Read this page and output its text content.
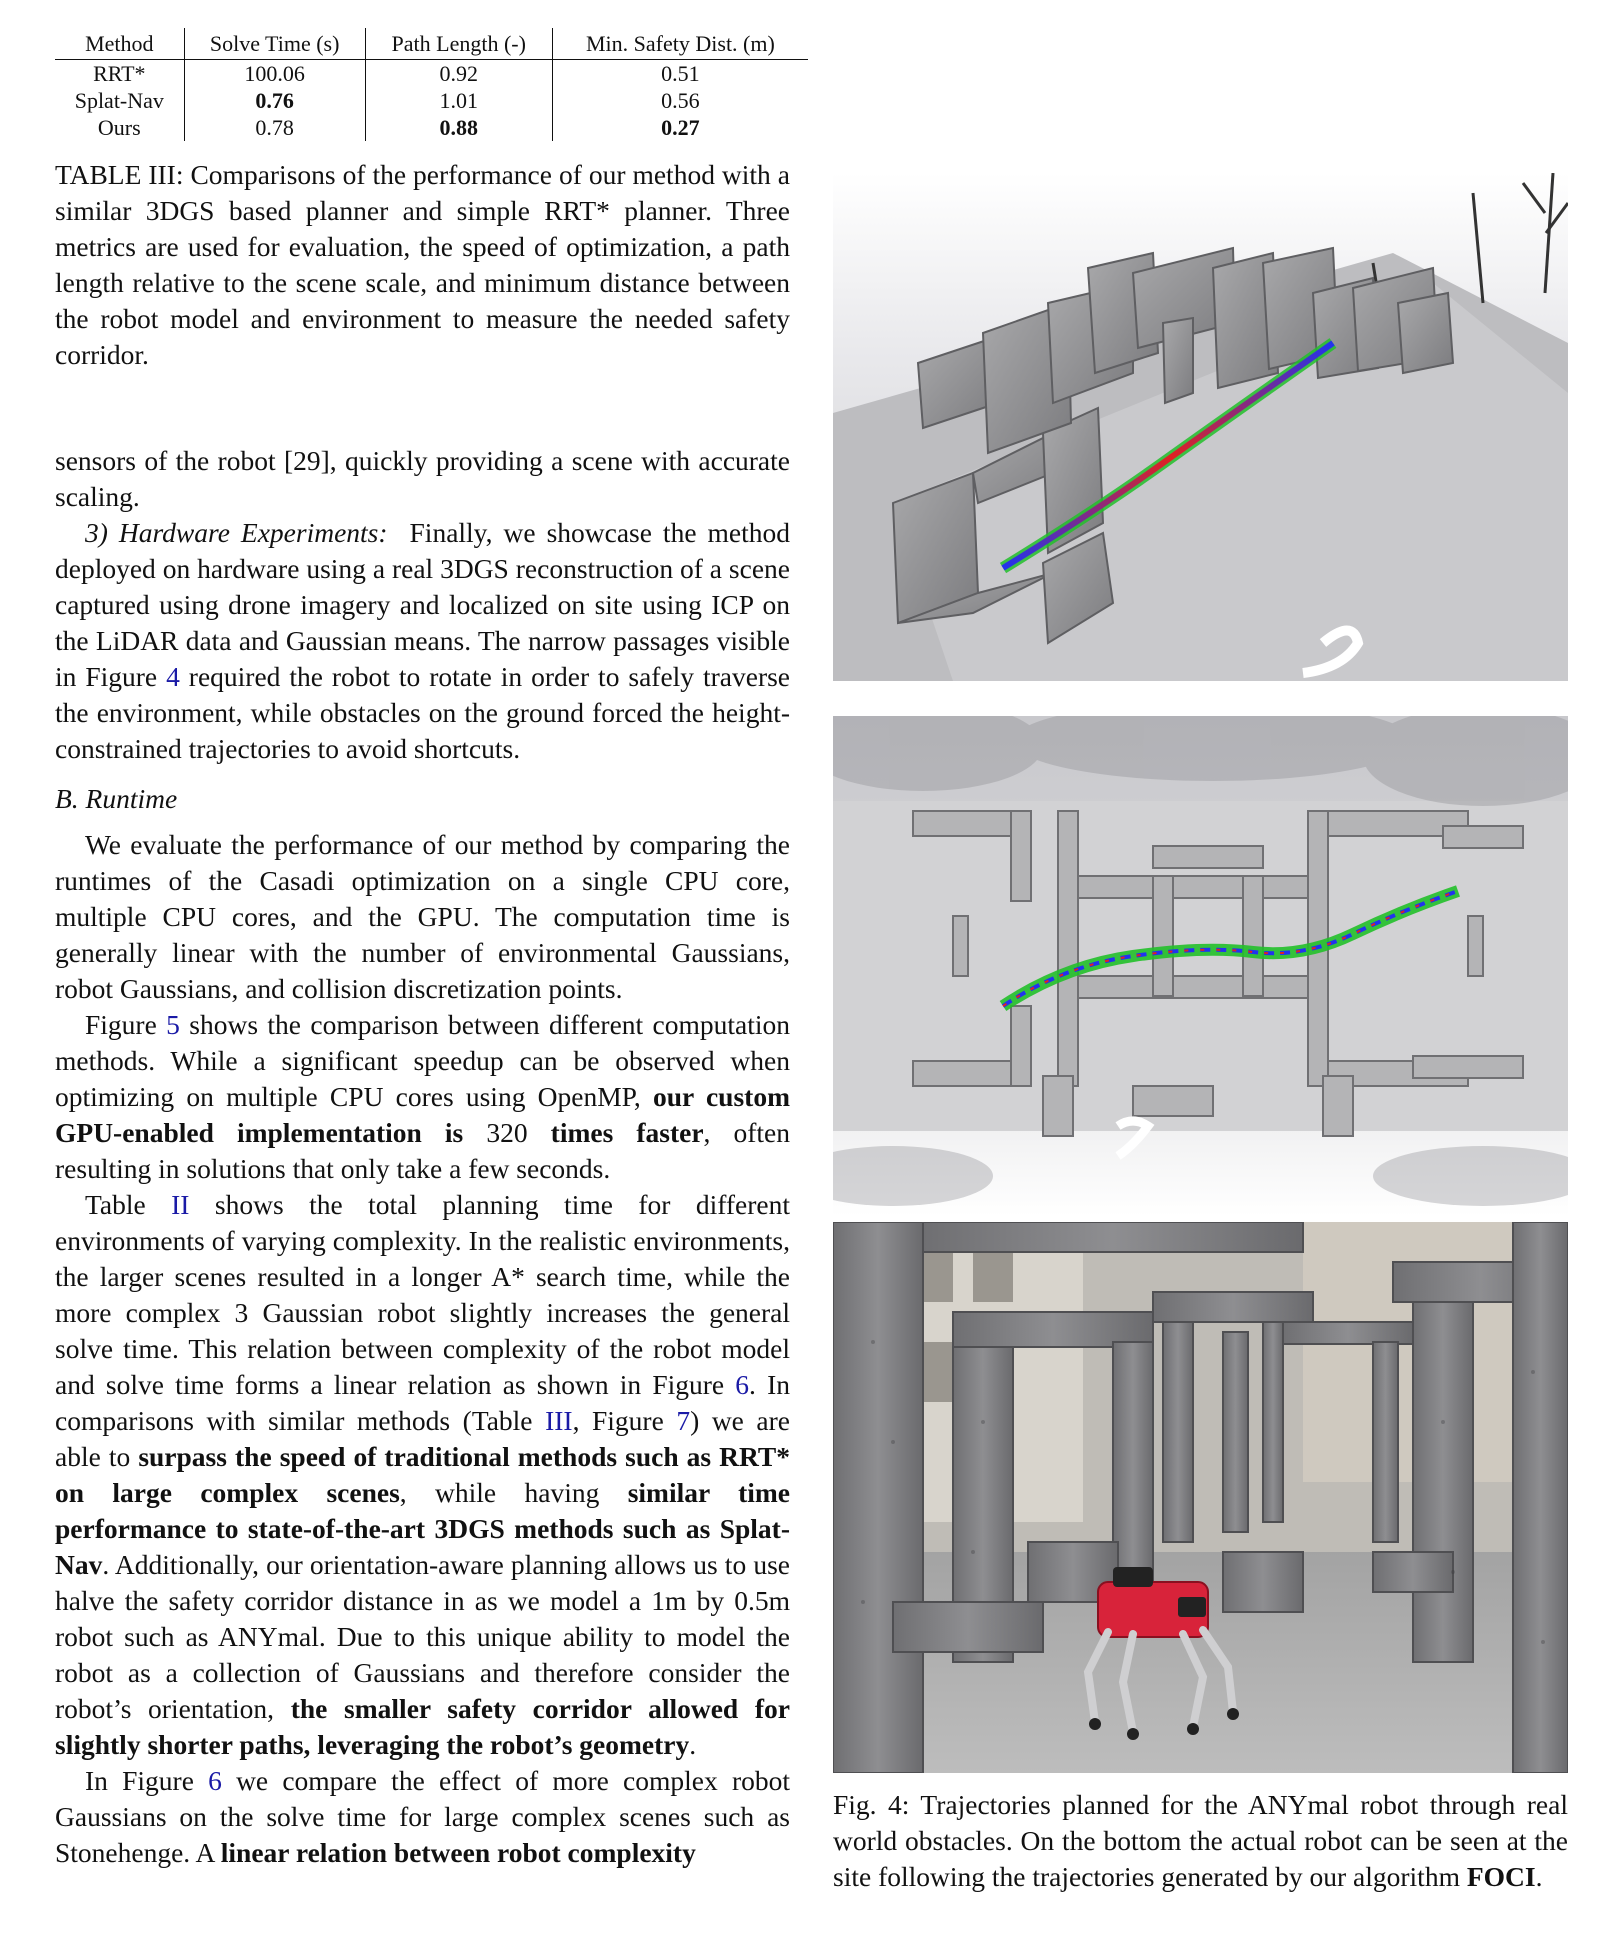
Method	Solve Time (s)	Path Length (-)	Min. Safety Dist. (m)
RRT*	100.06	0.92	0.51
Splat-Nav	0.76	1.01	0.56
Ours	0.78	0.88	0.27

TABLE III: Comparisons of the performance of our method with a similar 3DGS based planner and simple RRT* planner. Three metrics are used for evaluation, the speed of optimization, a path length relative to the scene scale, and minimum distance between the robot model and environment to measure the needed safety corridor.

sensors of the robot [29], quickly providing a scene with accurate scaling.

3) Hardware Experiments: Finally, we showcase the method deployed on hardware using a real 3DGS reconstruction of a scene captured using drone imagery and localized on site using ICP on the LiDAR data and Gaussian means. The narrow passages visible in Figure 4 required the robot to rotate in order to safely traverse the environment, while obstacles on the ground forced the height-constrained trajectories to avoid shortcuts.

B. Runtime

We evaluate the performance of our method by comparing the runtimes of the Casadi optimization on a single CPU core, multiple CPU cores, and the GPU. The computation time is generally linear with the number of environmental Gaussians, robot Gaussians, and collision discretization points.

Figure 5 shows the comparison between different computation methods. While a significant speedup can be observed when optimizing on multiple CPU cores using OpenMP, our custom GPU-enabled implementation is 320 times faster, often resulting in solutions that only take a few seconds.

Table II shows the total planning time for different environments of varying complexity. In the realistic environments, the larger scenes resulted in a longer A* search time, while the more complex 3 Gaussian robot slightly increases the general solve time. This relation between complexity of the robot model and solve time forms a linear relation as shown in Figure 6. In comparisons with similar methods (Table III, Figure 7) we are able to surpass the speed of traditional methods such as RRT* on large complex scenes, while having similar time performance to state-of-the-art 3DGS methods such as Splat-Nav. Additionally, our orientation-aware planning allows us to use halve the safety corridor distance in as we model a 1m by 0.5m robot such as ANYmal. Due to this unique ability to model the robot as a collection of Gaussians and therefore consider the robot’s orientation, the smaller safety corridor allowed for slightly shorter paths, leveraging the robot’s geometry.

In Figure 6 we compare the effect of more complex robot Gaussians on the solve time for large complex scenes such as Stonehenge. A linear relation between robot complexity

Fig. 4: Trajectories planned for the ANYmal robot through real world obstacles. On the bottom the actual robot can be seen at the site following the trajectories generated by our algorithm FOCI.
